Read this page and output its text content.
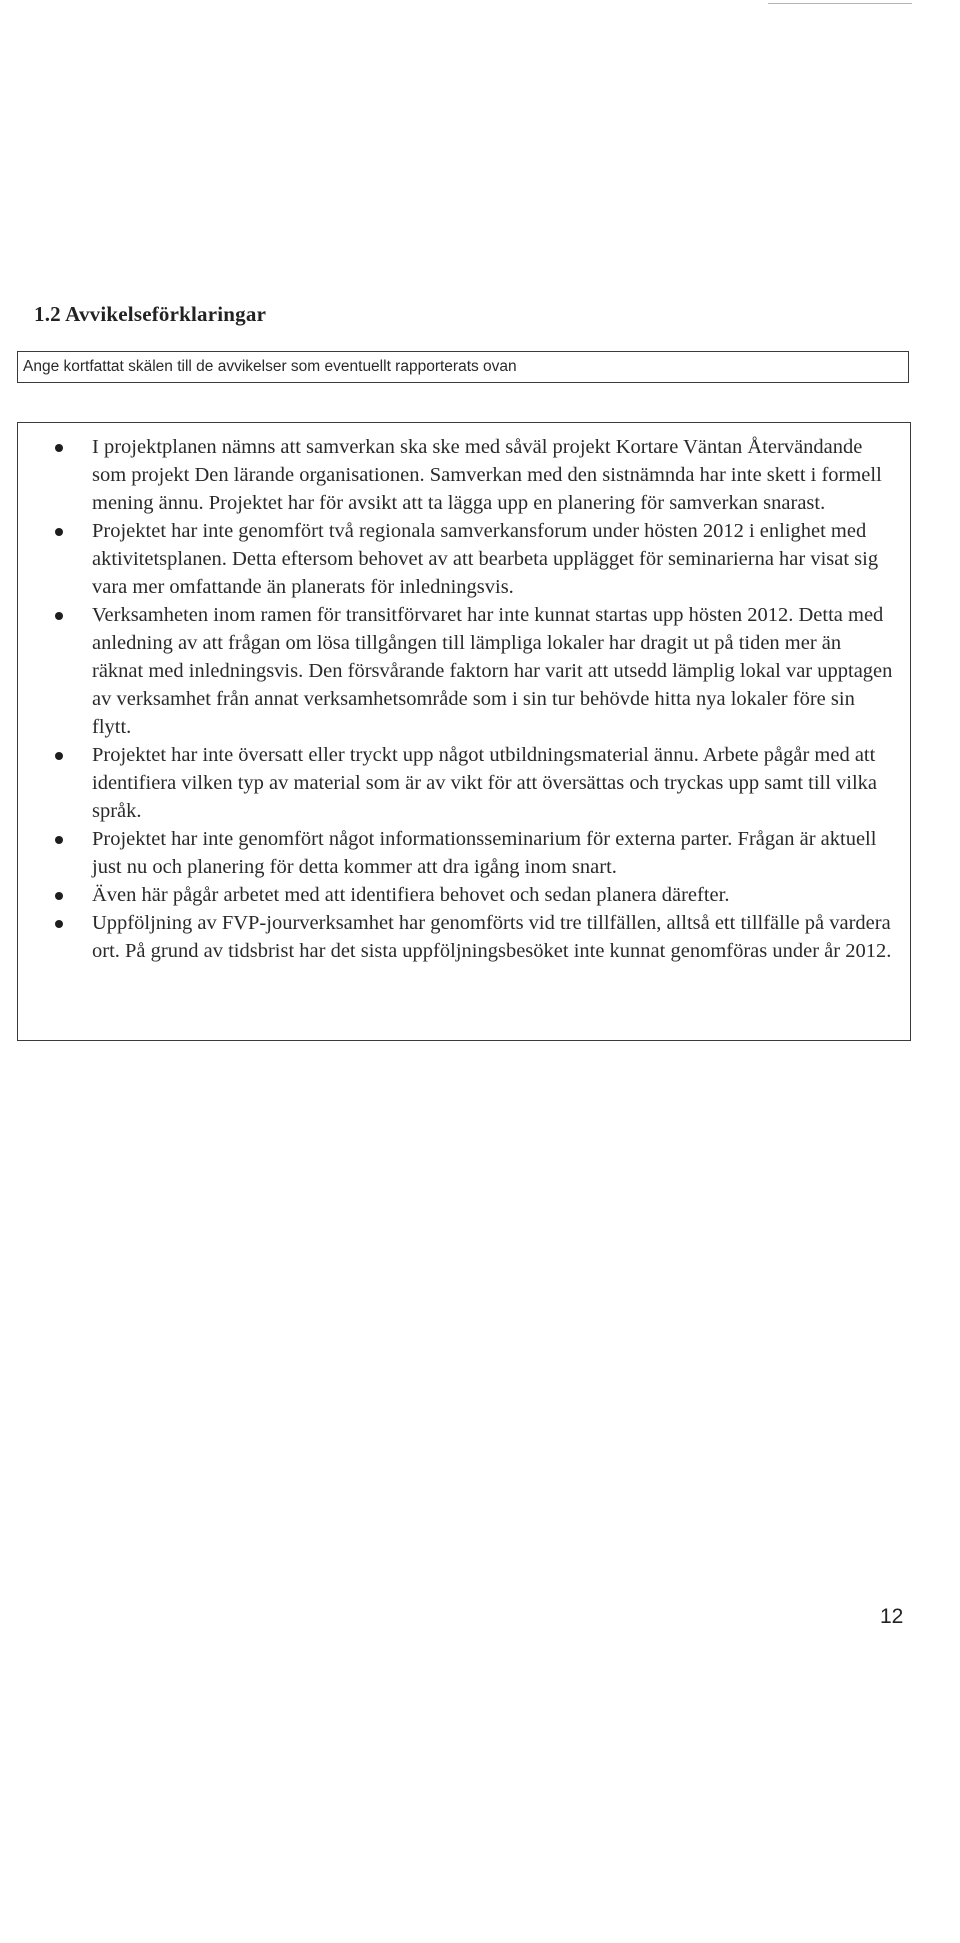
1.2 Avvikelseförklaringar
Ange kortfattat skälen till de avvikelser som eventuellt rapporterats ovan
I projektplanen nämns att samverkan ska ske med såväl projekt Kortare Väntan Återvändande som projekt Den lärande organisationen. Samverkan med den sistnämnda har inte skett i formell mening ännu. Projektet har för avsikt att ta lägga upp en planering för samverkan snarast.
Projektet har inte genomfört två regionala samverkansforum under hösten 2012 i enlighet med aktivitetsplanen. Detta eftersom behovet av att bearbeta upplägget för seminarierna har visat sig vara mer omfattande än planerats för inledningsvis.
Verksamheten inom ramen för transitförvaret har inte kunnat startas upp hösten 2012. Detta med anledning av att frågan om lösa tillgången till lämpliga lokaler har dragit ut på tiden mer än räknat med inledningsvis. Den försvårande faktorn har varit att utsedd lämplig lokal var upptagen av verksamhet från annat verksamhetsområde som i sin tur behövde hitta nya lokaler före sin flytt.
Projektet har inte översatt eller tryckt upp något utbildningsmaterial ännu. Arbete pågår med att identifiera vilken typ av material som är av vikt för att översättas och tryckas upp samt till vilka språk.
Projektet har inte genomfört något informationsseminarium för externa parter. Frågan är aktuell just nu och planering för detta kommer att dra igång inom snart.
Även här pågår arbetet med att identifiera behovet och sedan planera därefter.
Uppföljning av FVP-jourverksamhet har genomförts vid tre tillfällen, alltså ett tillfälle på vardera ort. På grund av tidsbrist har det sista uppföljningsbesöket inte kunnat genomföras under år 2012.
12
